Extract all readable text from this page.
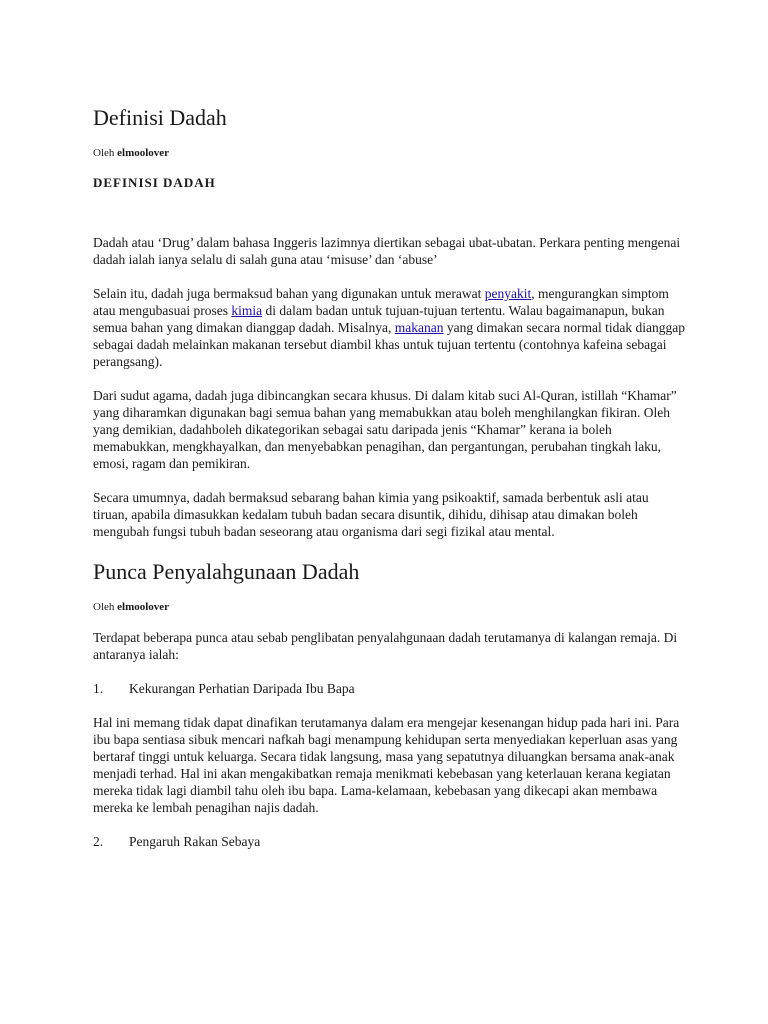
Definisi Dadah
Oleh elmoolover
DEFINISI DADAH

Dadah atau ‘Drug’ dalam bahasa Inggeris lazimnya diertikan sebagai ubat-ubatan. Perkara penting mengenai dadah ialah ianya selalu di salah guna atau ‘misuse’ dan ‘abuse’

Selain itu, dadah juga bermaksud bahan yang digunakan untuk merawat penyakit, mengurangkan simptom atau mengubasuai proses kimia di dalam badan untuk tujuan-tujuan tertentu. Walau bagaimanapun, bukan semua bahan yang dimakan dianggap dadah. Misalnya, makanan yang dimakan secara normal tidak dianggap sebagai dadah melainkan makanan tersebut diambil khas untuk tujuan tertentu (contohnya kafeina sebagai perangsang).

Dari sudut agama, dadah juga dibincangkan secara khusus. Di dalam kitab suci Al-Quran, istillah “Khamar” yang diharamkan digunakan bagi semua bahan yang memabukkan atau boleh menghilangkan fikiran. Oleh yang demikian, dadahboleh dikategorikan sebagai satu daripada jenis “Khamar” kerana ia boleh memabukkan, mengkhayalkan, dan menyebabkan penagihan, dan pergantungan, perubahan tingkah laku, emosi, ragam dan pemikiran.

Secara umumnya, dadah bermaksud sebarang bahan kimia yang psikoaktif, samada berbentuk asli atau tiruan, apabila dimasukkan kedalam tubuh badan secara disuntik, dihidu, dihisap atau dimakan boleh mengubah fungsi tubuh badan seseorang atau organisma dari segi fizikal atau mental.

Punca Penyalahgunaan Dadah
Oleh elmoolover

Terdapat beberapa punca atau sebab penglibatan penyalahgunaan dadah terutamanya di kalangan remaja. Di antaranya ialah:

1.	Kekurangan Perhatian Daripada Ibu Bapa

Hal ini memang tidak dapat dinafikan terutamanya dalam era mengejar kesenangan hidup pada hari ini. Para ibu bapa sentiasa sibuk mencari nafkah bagi menampung kehidupan serta menyediakan keperluan asas yang bertaraf tinggi untuk keluarga. Secara tidak langsung, masa yang sepatutnya diluangkan bersama anak-anak menjadi terhad. Hal ini akan mengakibatkan remaja menikmati kebebasan yang keterlauan kerana kegiatan mereka tidak lagi diambil tahu oleh ibu bapa. Lama-kelamaan, kebebasan yang dikecapi akan membawa mereka ke lembah penagihan najis dadah.

2.	Pengaruh Rakan Sebaya
